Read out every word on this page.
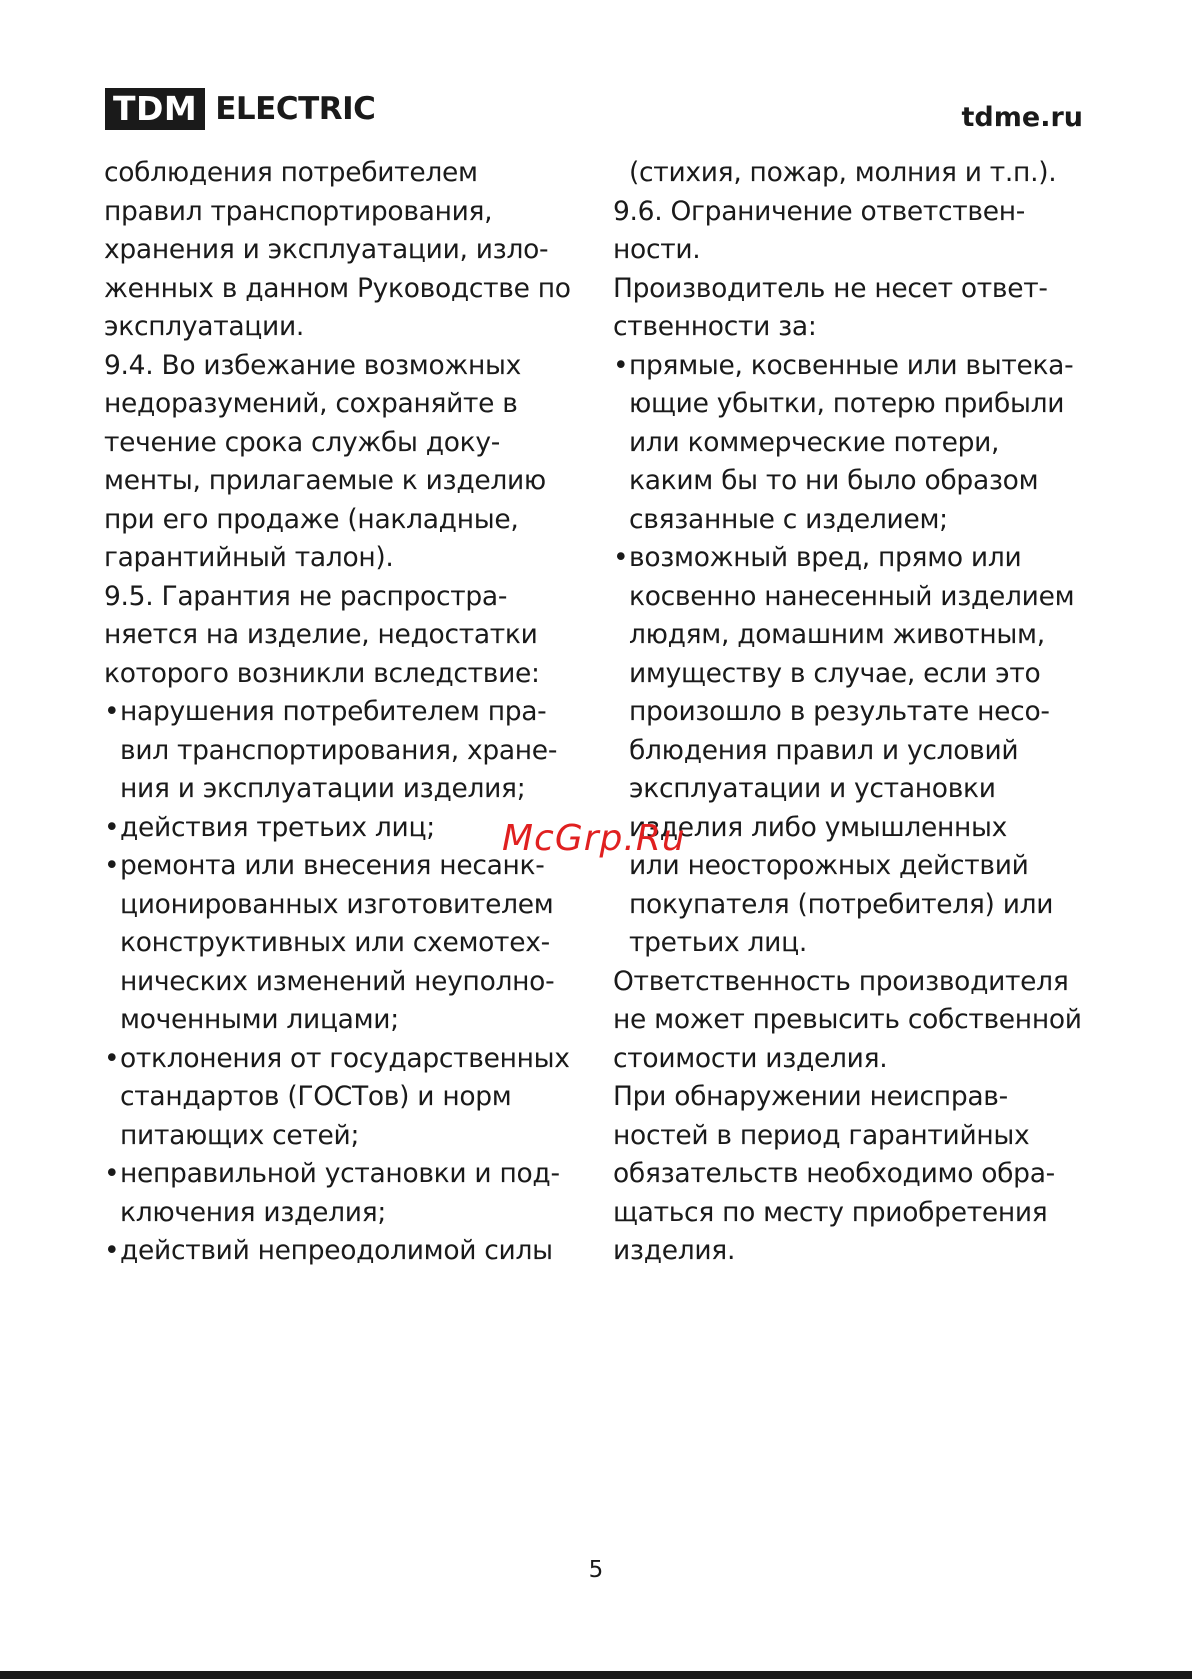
TDM ELECTRIC	tdme.ru
соблюдения потребителем
правил транспортирования,
хранения и эксплуатации, изло-
женных в данном Руководстве по
эксплуатации.
9.4. Во избежание возможных
недоразумений, сохраняйте в
течение срока службы доку-
менты, прилагаемые к изделию
при его продаже (накладные,
гарантийный талон).
9.5. Гарантия не распростра-
няется на изделие, недостатки
которого возникли вследствие:
• нарушения потребителем пра-
вил транспортирования, хране-
ния и эксплуатации изделия;
• действия третьих лиц;
• ремонта или внесения несанк-
ционированных изготовителем
конструктивных или схемотех-
нических изменений неуполно-
моченными лицами;
• отклонения от государственных
стандартов (ГОСТов) и норм
питающих сетей;
• неправильной установки и под-
ключения изделия;
• действий непреодолимой силы
(стихия, пожар, молния и т.п.).
9.6. Ограничение ответствен-
ности.
Производитель не несет ответ-
ственности за:
• прямые, косвенные или вытека-
ющие убытки, потерю прибыли
или коммерческие потери,
каким бы то ни было образом
связанные с изделием;
• возможный вред, прямо или
косвенно нанесенный изделием
людям, домашним животным,
имуществу в случае, если это
произошло в результате несо-
блюдения правил и условий
эксплуатации и установки
изделия либо умышленных
или неосторожных действий
покупателя (потребителя) или
третьих лиц.
Ответственность производителя
не может превысить собственной
стоимости изделия.
При обнаружении неисправ-
ностей в период гарантийных
обязательств необходимо обра-
щаться по месту приобретения
изделия.
McGrp.Ru
5
